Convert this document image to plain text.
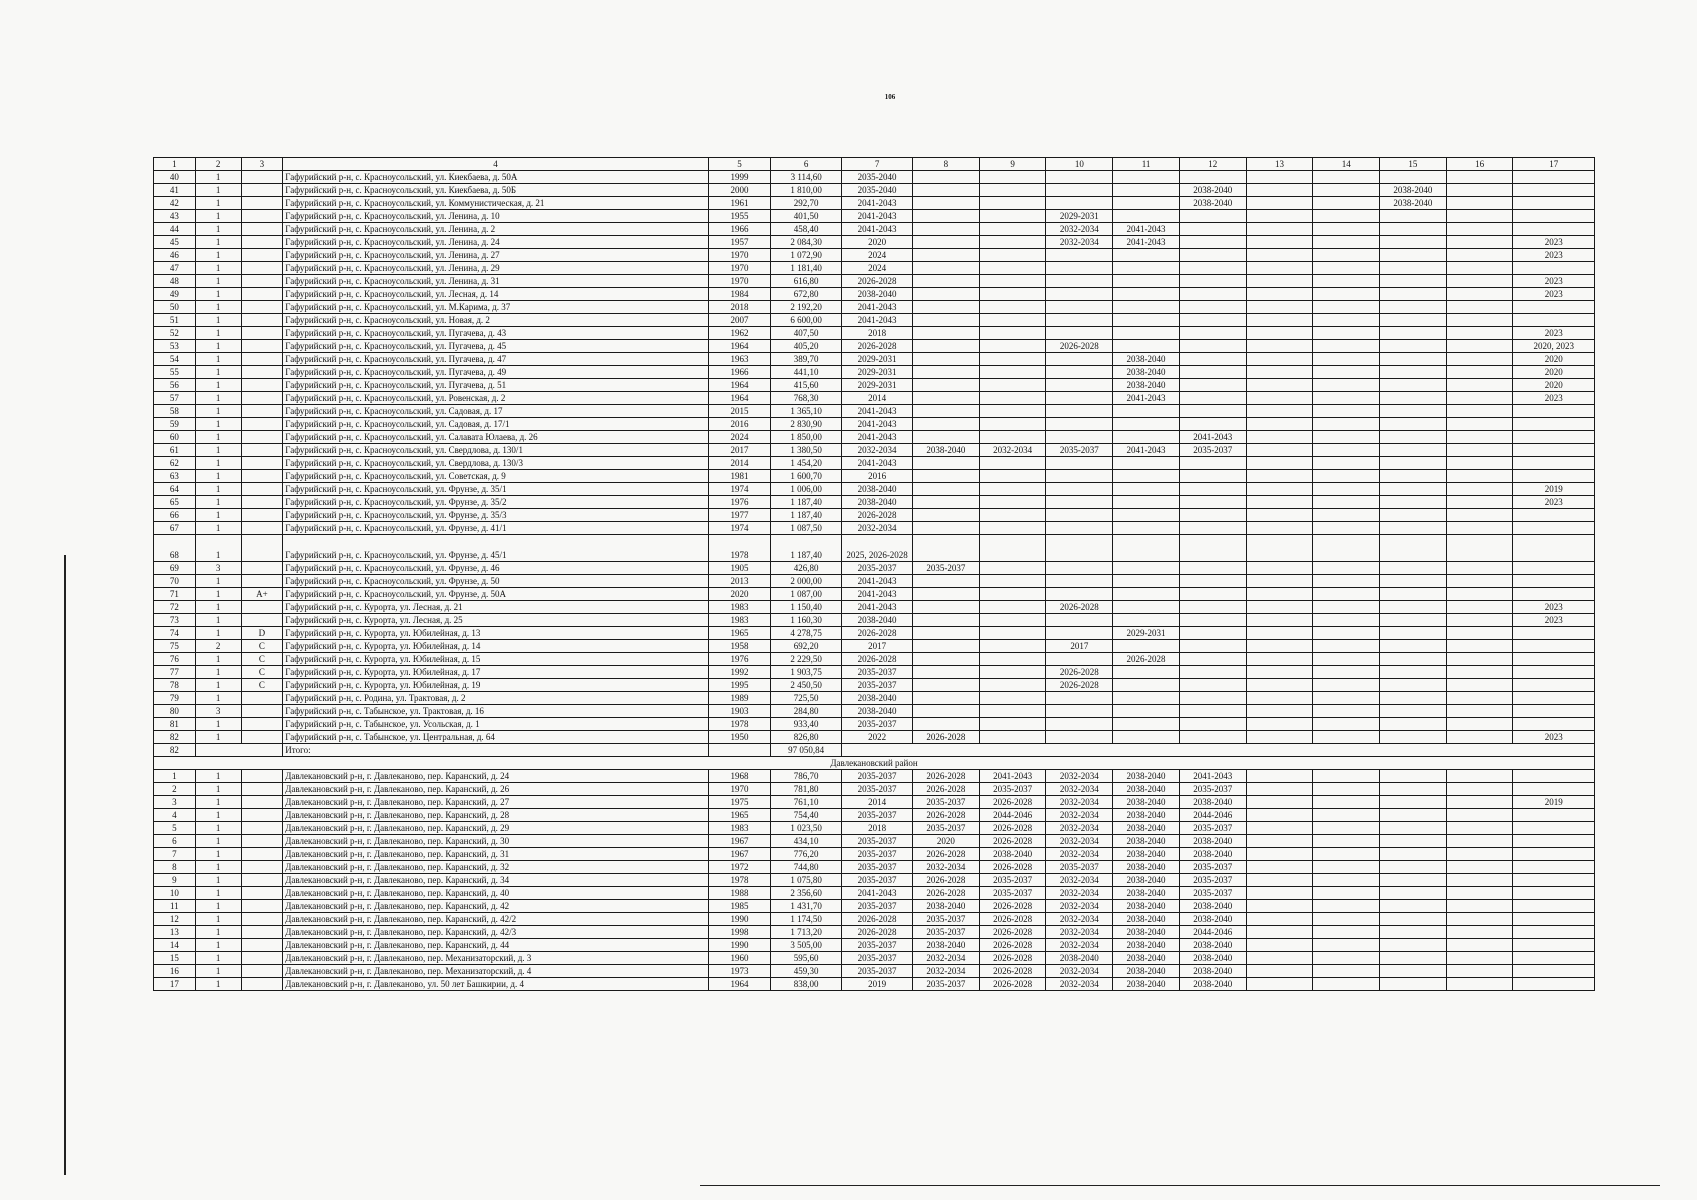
106
1	2	3	4	5	6	7	8	9	10	11	12	13	14	15	16	17
40	1		Гафурийский р-н, с. Красноусольский, ул. Киекбаева, д. 50А	1999	3 114,60	2035-2040										
41	1		Гафурийский р-н, с. Красноусольский, ул. Киекбаева, д. 50Б	2000	1 810,00	2035-2040					2038-2040			2038-2040		
42	1		Гафурийский р-н, с. Красноусольский, ул. Коммунистическая, д. 21	1961	292,70	2041-2043					2038-2040			2038-2040		
43	1		Гафурийский р-н, с. Красноусольский, ул. Ленина, д. 10	1955	401,50	2041-2043			2029-2031							
44	1		Гафурийский р-н, с. Красноусольский, ул. Ленина, д. 2	1966	458,40	2041-2043			2032-2034	2041-2043						
45	1		Гафурийский р-н, с. Красноусольский, ул. Ленина, д. 24	1957	2 084,30	2020			2032-2034	2041-2043						2023
46	1		Гафурийский р-н, с. Красноусольский, ул. Ленина, д. 27	1970	1 072,90	2024										2023
47	1		Гафурийский р-н, с. Красноусольский, ул. Ленина, д. 29	1970	1 181,40	2024										
48	1		Гафурийский р-н, с. Красноусольский, ул. Ленина, д. 31	1970	616,80	2026-2028										2023
49	1		Гафурийский р-н, с. Красноусольский, ул. Лесная, д. 14	1984	672,80	2038-2040										2023
50	1		Гафурийский р-н, с. Красноусольский, ул. М.Карима, д. 37	2018	2 192,20	2041-2043										
51	1		Гафурийский р-н, с. Красноусольский, ул. Новая, д. 2	2007	6 600,00	2041-2043										
52	1		Гафурийский р-н, с. Красноусольский, ул. Пугачева, д. 43	1962	407,50	2018										2023
53	1		Гафурийский р-н, с. Красноусольский, ул. Пугачева, д. 45	1964	405,20	2026-2028			2026-2028							2020, 2023
54	1		Гафурийский р-н, с. Красноусольский, ул. Пугачева, д. 47	1963	389,70	2029-2031				2038-2040						2020
55	1		Гафурийский р-н, с. Красноусольский, ул. Пугачева, д. 49	1966	441,10	2029-2031				2038-2040						2020
56	1		Гафурийский р-н, с. Красноусольский, ул. Пугачева, д. 51	1964	415,60	2029-2031				2038-2040						2020
57	1		Гафурийский р-н, с. Красноусольский, ул. Ровенская, д. 2	1964	768,30	2014				2041-2043						2023
58	1		Гафурийский р-н, с. Красноусольский, ул. Садовая, д. 17	2015	1 365,10	2041-2043										
59	1		Гафурийский р-н, с. Красноусольский, ул. Садовая, д. 17/1	2016	2 830,90	2041-2043										
60	1		Гафурийский р-н, с. Красноусольский, ул. Салавата Юлаева, д. 26	2024	1 850,00	2041-2043					2041-2043					
61	1		Гафурийский р-н, с. Красноусольский, ул. Свердлова, д. 130/1	2017	1 380,50	2032-2034	2038-2040	2032-2034	2035-2037	2041-2043	2035-2037					
62	1		Гафурийский р-н, с. Красноусольский, ул. Свердлова, д. 130/3	2014	1 454,20	2041-2043										
63	1		Гафурийский р-н, с. Красноусольский, ул. Советская, д. 9	1981	1 600,70	2016										
64	1		Гафурийский р-н, с. Красноусольский, ул. Фрунзе, д. 35/1	1974	1 006,00	2038-2040										2019
65	1		Гафурийский р-н, с. Красноусольский, ул. Фрунзе, д. 35/2	1976	1 187,40	2038-2040										2023
66	1		Гафурийский р-н, с. Красноусольский, ул. Фрунзе, д. 35/3	1977	1 187,40	2026-2028										
67	1		Гафурийский р-н, с. Красноусольский, ул. Фрунзе, д. 41/1	1974	1 087,50	2032-2034										
68	1		Гафурийский р-н, с. Красноусольский, ул. Фрунзе, д. 45/1	1978	1 187,40	2025, 2026-2028										
69	3		Гафурийский р-н, с. Красноусольский, ул. Фрунзе, д. 46	1905	426,80	2035-2037	2035-2037									
70	1		Гафурийский р-н, с. Красноусольский, ул. Фрунзе, д. 50	2013	2 000,00	2041-2043										
71	1	A+	Гафурийский р-н, с. Красноусольский, ул. Фрунзе, д. 50А	2020	1 087,00	2041-2043										
72	1		Гафурийский р-н, с. Курорта, ул. Лесная, д. 21	1983	1 150,40	2041-2043			2026-2028							2023
73	1		Гафурийский р-н, с. Курорта, ул. Лесная, д. 25	1983	1 160,30	2038-2040										2023
74	1	D	Гафурийский р-н, с. Курорта, ул. Юбилейная, д. 13	1965	4 278,75	2026-2028				2029-2031						
75	2	C	Гафурийский р-н, с. Курорта, ул. Юбилейная, д. 14	1958	692,20	2017			2017							
76	1	C	Гафурийский р-н, с. Курорта, ул. Юбилейная, д. 15	1976	2 229,50	2026-2028				2026-2028						
77	1	C	Гафурийский р-н, с. Курорта, ул. Юбилейная, д. 17	1992	1 903,75	2035-2037			2026-2028							
78	1	C	Гафурийский р-н, с. Курорта, ул. Юбилейная, д. 19	1995	2 450,50	2035-2037			2026-2028							
79	1		Гафурийский р-н, с. Родина, ул. Трактовая, д. 2	1989	725,50	2038-2040										
80	3		Гафурийский р-н, с. Табынское, ул. Трактовая, д. 16	1903	284,80	2038-2040										
81	1		Гафурийский р-н, с. Табынское, ул. Усольская, д. 1	1978	933,40	2035-2037										
82	1		Гафурийский р-н, с. Табынское, ул. Центральная, д. 64	1950	826,80	2022	2026-2028									2023
82			Итого:		97 050,84											
Давлекановский район																
1	1		Давлекановский р-н, г. Давлеканово, пер. Каранский, д. 24	1968	786,70	2035-2037	2026-2028	2041-2043	2032-2034	2038-2040	2041-2043					
2	1		Давлекановский р-н, г. Давлеканово, пер. Каранский, д. 26	1970	781,80	2035-2037	2026-2028	2035-2037	2032-2034	2038-2040	2035-2037					
3	1		Давлекановский р-н, г. Давлеканово, пер. Каранский, д. 27	1975	761,10	2014	2035-2037	2026-2028	2032-2034	2038-2040	2038-2040					2019
4	1		Давлекановский р-н, г. Давлеканово, пер. Каранский, д. 28	1965	754,40	2035-2037	2026-2028	2044-2046	2032-2034	2038-2040	2044-2046					
5	1		Давлекановский р-н, г. Давлеканово, пер. Каранский, д. 29	1983	1 023,50	2018	2035-2037	2026-2028	2032-2034	2038-2040	2035-2037					
6	1		Давлекановский р-н, г. Давлеканово, пер. Каранский, д. 30	1967	434,10	2035-2037	2020	2026-2028	2032-2034	2038-2040	2038-2040					
7	1		Давлекановский р-н, г. Давлеканово, пер. Каранский, д. 31	1967	776,20	2035-2037	2026-2028	2038-2040	2032-2034	2038-2040	2038-2040					
8	1		Давлекановский р-н, г. Давлеканово, пер. Каранский, д. 32	1972	744,80	2035-2037	2032-2034	2026-2028	2035-2037	2038-2040	2035-2037					
9	1		Давлекановский р-н, г. Давлеканово, пер. Каранский, д. 34	1978	1 075,80	2035-2037	2026-2028	2035-2037	2032-2034	2038-2040	2035-2037					
10	1		Давлекановский р-н, г. Давлеканово, пер. Каранский, д. 40	1988	2 356,60	2041-2043	2026-2028	2035-2037	2032-2034	2038-2040	2035-2037					
11	1		Давлекановский р-н, г. Давлеканово, пер. Каранский, д. 42	1985	1 431,70	2035-2037	2038-2040	2026-2028	2032-2034	2038-2040	2038-2040					
12	1		Давлекановский р-н, г. Давлеканово, пер. Каранский, д. 42/2	1990	1 174,50	2026-2028	2035-2037	2026-2028	2032-2034	2038-2040	2038-2040					
13	1		Давлекановский р-н, г. Давлеканово, пер. Каранский, д. 42/3	1998	1 713,20	2026-2028	2035-2037	2026-2028	2032-2034	2038-2040	2044-2046					
14	1		Давлекановский р-н, г. Давлеканово, пер. Каранский, д. 44	1990	3 505,00	2035-2037	2038-2040	2026-2028	2032-2034	2038-2040	2038-2040					
15	1		Давлекановский р-н, г. Давлеканово, пер. Механизаторский, д. 3	1960	595,60	2035-2037	2032-2034	2026-2028	2038-2040	2038-2040	2038-2040					
16	1		Давлекановский р-н, г. Давлеканово, пер. Механизаторский, д. 4	1973	459,30	2035-2037	2032-2034	2026-2028	2032-2034	2038-2040	2038-2040					
17	1		Давлекановский р-н, г. Давлеканово, ул. 50 лет Башкирии, д. 4	1964	838,00	2019	2035-2037	2026-2028	2032-2034	2038-2040	2038-2040					
